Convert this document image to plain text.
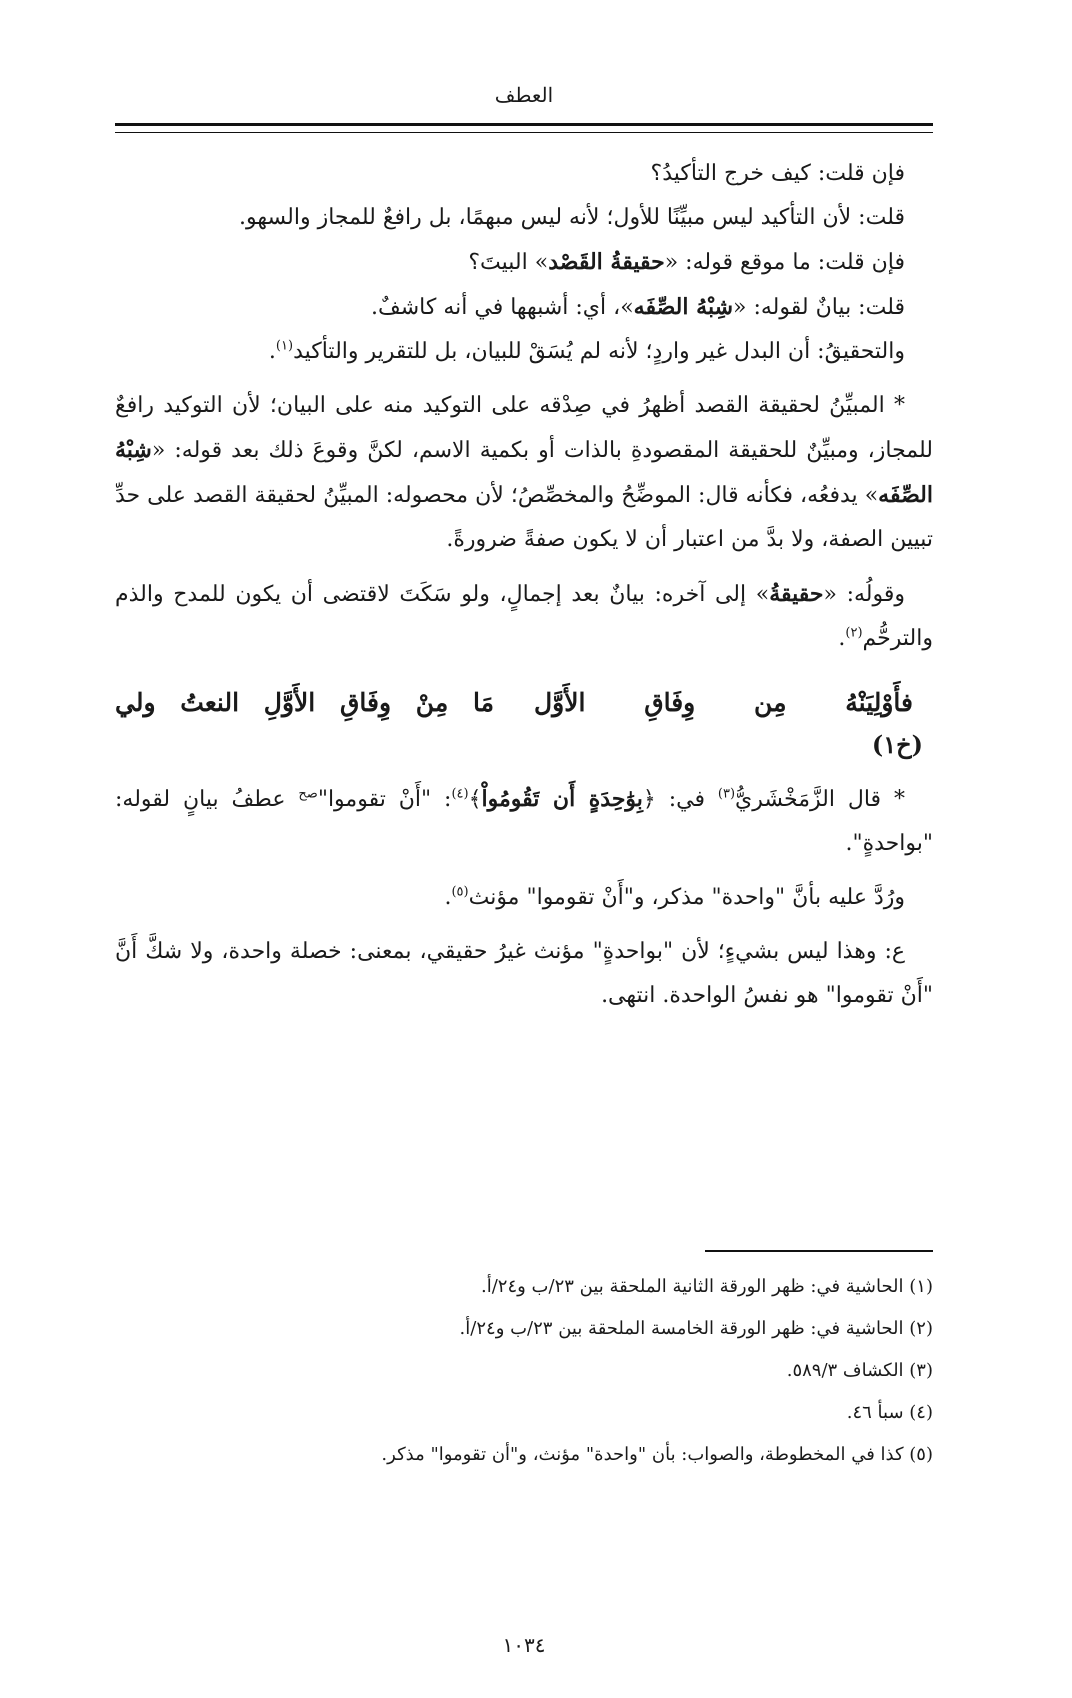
العطف

فإن قلت: كيف خرج التأكيدُ؟

قلت: لأن التأكيد ليس مبيِّنًا للأول؛ لأنه ليس مبهمًا، بل رافعٌ للمجاز والسهو.

فإن قلت: ما موقع قوله: «حقيقةُ القَصْد» البيتَ؟

قلت: بيانٌ لقوله: «شِبْهُ الصِّفَه»، أي: أشبهها في أنه كاشفٌ.

والتحقيقُ: أن البدل غير واردٍ؛ لأنه لم يُسَقْ للبيان، بل للتقرير والتأكيد$^{(١)}$.

* المبيِّنُ لحقيقة القصد أظهرُ في صِدْقه على التوكيد منه على البيان؛ لأن التوكيد رافعٌ للمجاز، ومبيِّنٌ للحقيقة المقصودةِ بالذات أو بكمية الاسم، لكنَّ وقوعَ ذلك بعد قوله: «شِبْهُ الصِّفَه» يدفعُه، فكأنه قال: الموضِّحُ والمخصِّصُ؛ لأن محصوله: المبيِّنُ لحقيقة القصد على حدِّ تبيين الصفة، ولا بدَّ من اعتبار أن لا يكون صفةً ضرورةً.

وقولُه: «حقيقةُ» إلى آخره: بيانٌ بعد إجمالٍ، ولو سَكَتَ لاقتضى أن يكون للمدح والذم والترحُّم$^{(٢)}$.

فأَوْلِيَنْهُ مِن وِفَاقِ الأَوَّل
مَا مِنْ وِفَاقِ الأَوَّلِ النعتُ ولي
(خ١)

* قال الزَّمَخْشَريُّ$^{(٣)}$ في: ﴿بِوَٰحِدَةٍ أَن تَقُومُواْ﴾$^{(٤)}$: "أَنْ تقوموا"$^{صح}$ عطفُ بيانٍ لقوله: "بواحدةٍ".

ورُدَّ عليه بأنَّ "واحدة" مذكر، و"أَنْ تقوموا" مؤنث$^{(٥)}$.

ع: وهذا ليس بشيءٍ؛ لأن "بواحدةٍ" مؤنث غيرُ حقيقي، بمعنى: خصلة واحدة، ولا شكَّ أَنَّ "أَنْ تقوموا" هو نفسُ الواحدة. انتهى.

(١) الحاشية في: ظهر الورقة الثانية الملحقة بين ٢٣/ب و٢٤/أ.
(٢) الحاشية في: ظهر الورقة الخامسة الملحقة بين ٢٣/ب و٢٤/أ.
(٣) الكشاف ٥٨٩/٣.
(٤) سبأ ٤٦.
(٥) كذا في المخطوطة، والصواب: بأن "واحدة" مؤنث، و"أن تقوموا" مذكر.
١٠٣٤
